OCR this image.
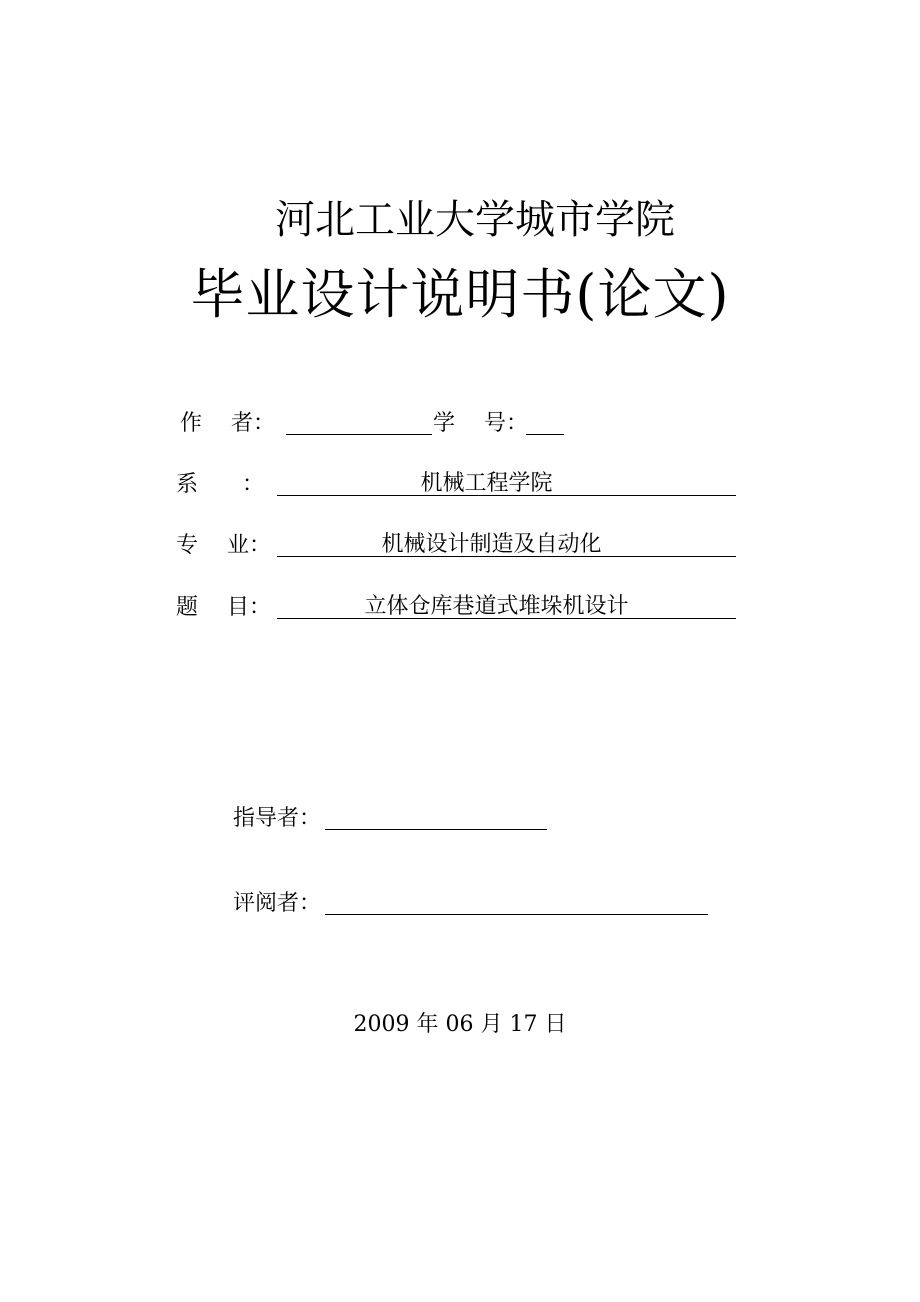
河北工业大学城市学院
毕业设计说明书(论文)
作　 者：	学　 号：
系　　：	机械工程学院
专　 业：	机械设计制造及自动化
题　 目：	立体仓库巷道式堆垛机设计
指导者：
评阅者：
2009 年 06 月 17 日
